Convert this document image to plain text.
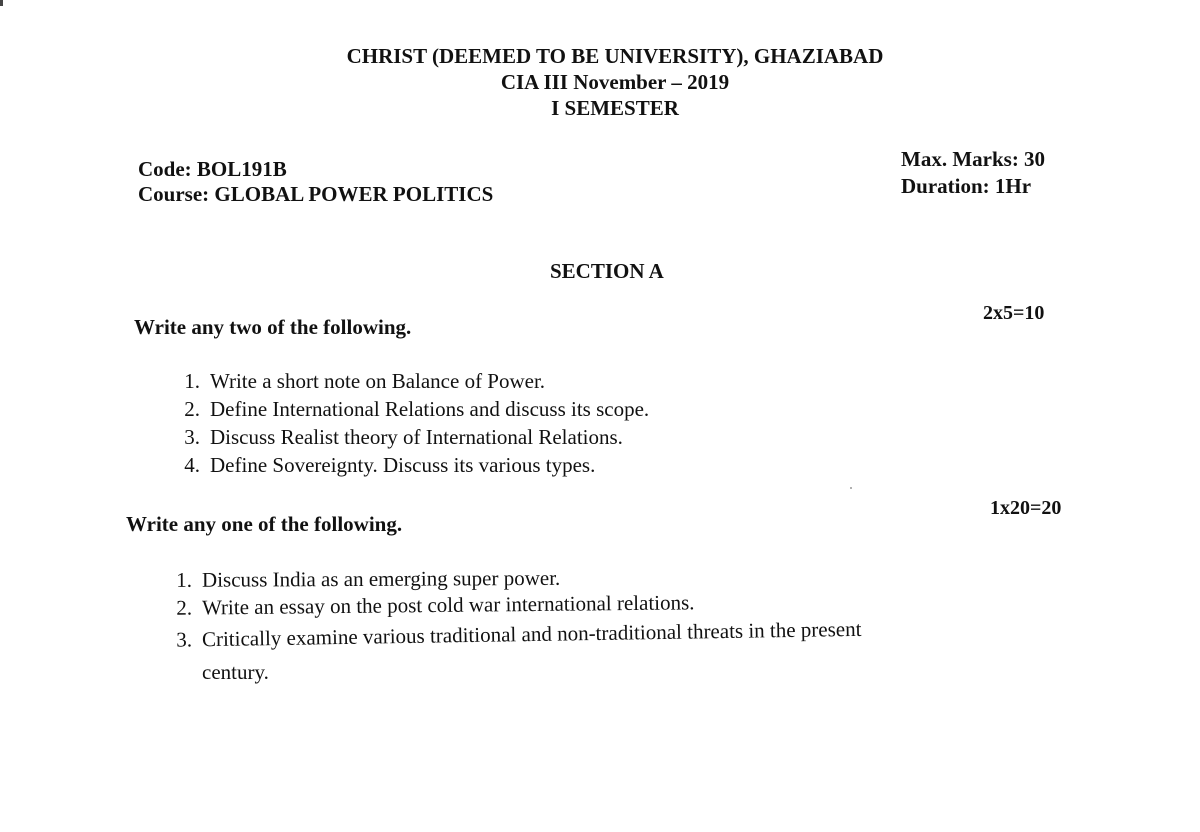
CHRIST (DEEMED TO BE UNIVERSITY), GHAZIABAD
CIA III November – 2019
I SEMESTER
Code: BOL191B
Course: GLOBAL POWER POLITICS
Max. Marks: 30
Duration: 1Hr
SECTION A
Write any two of the following.
2x5=10
1. Write a short note on Balance of Power.
2. Define International Relations and discuss its scope.
3. Discuss Realist theory of International Relations.
4. Define Sovereignty. Discuss its various types.
Write any one of the following.
1x20=20
1. Discuss India as an emerging super power.
2. Write an essay on the post cold war international relations.
3. Critically examine various traditional and non-traditional threats in the present
century.
